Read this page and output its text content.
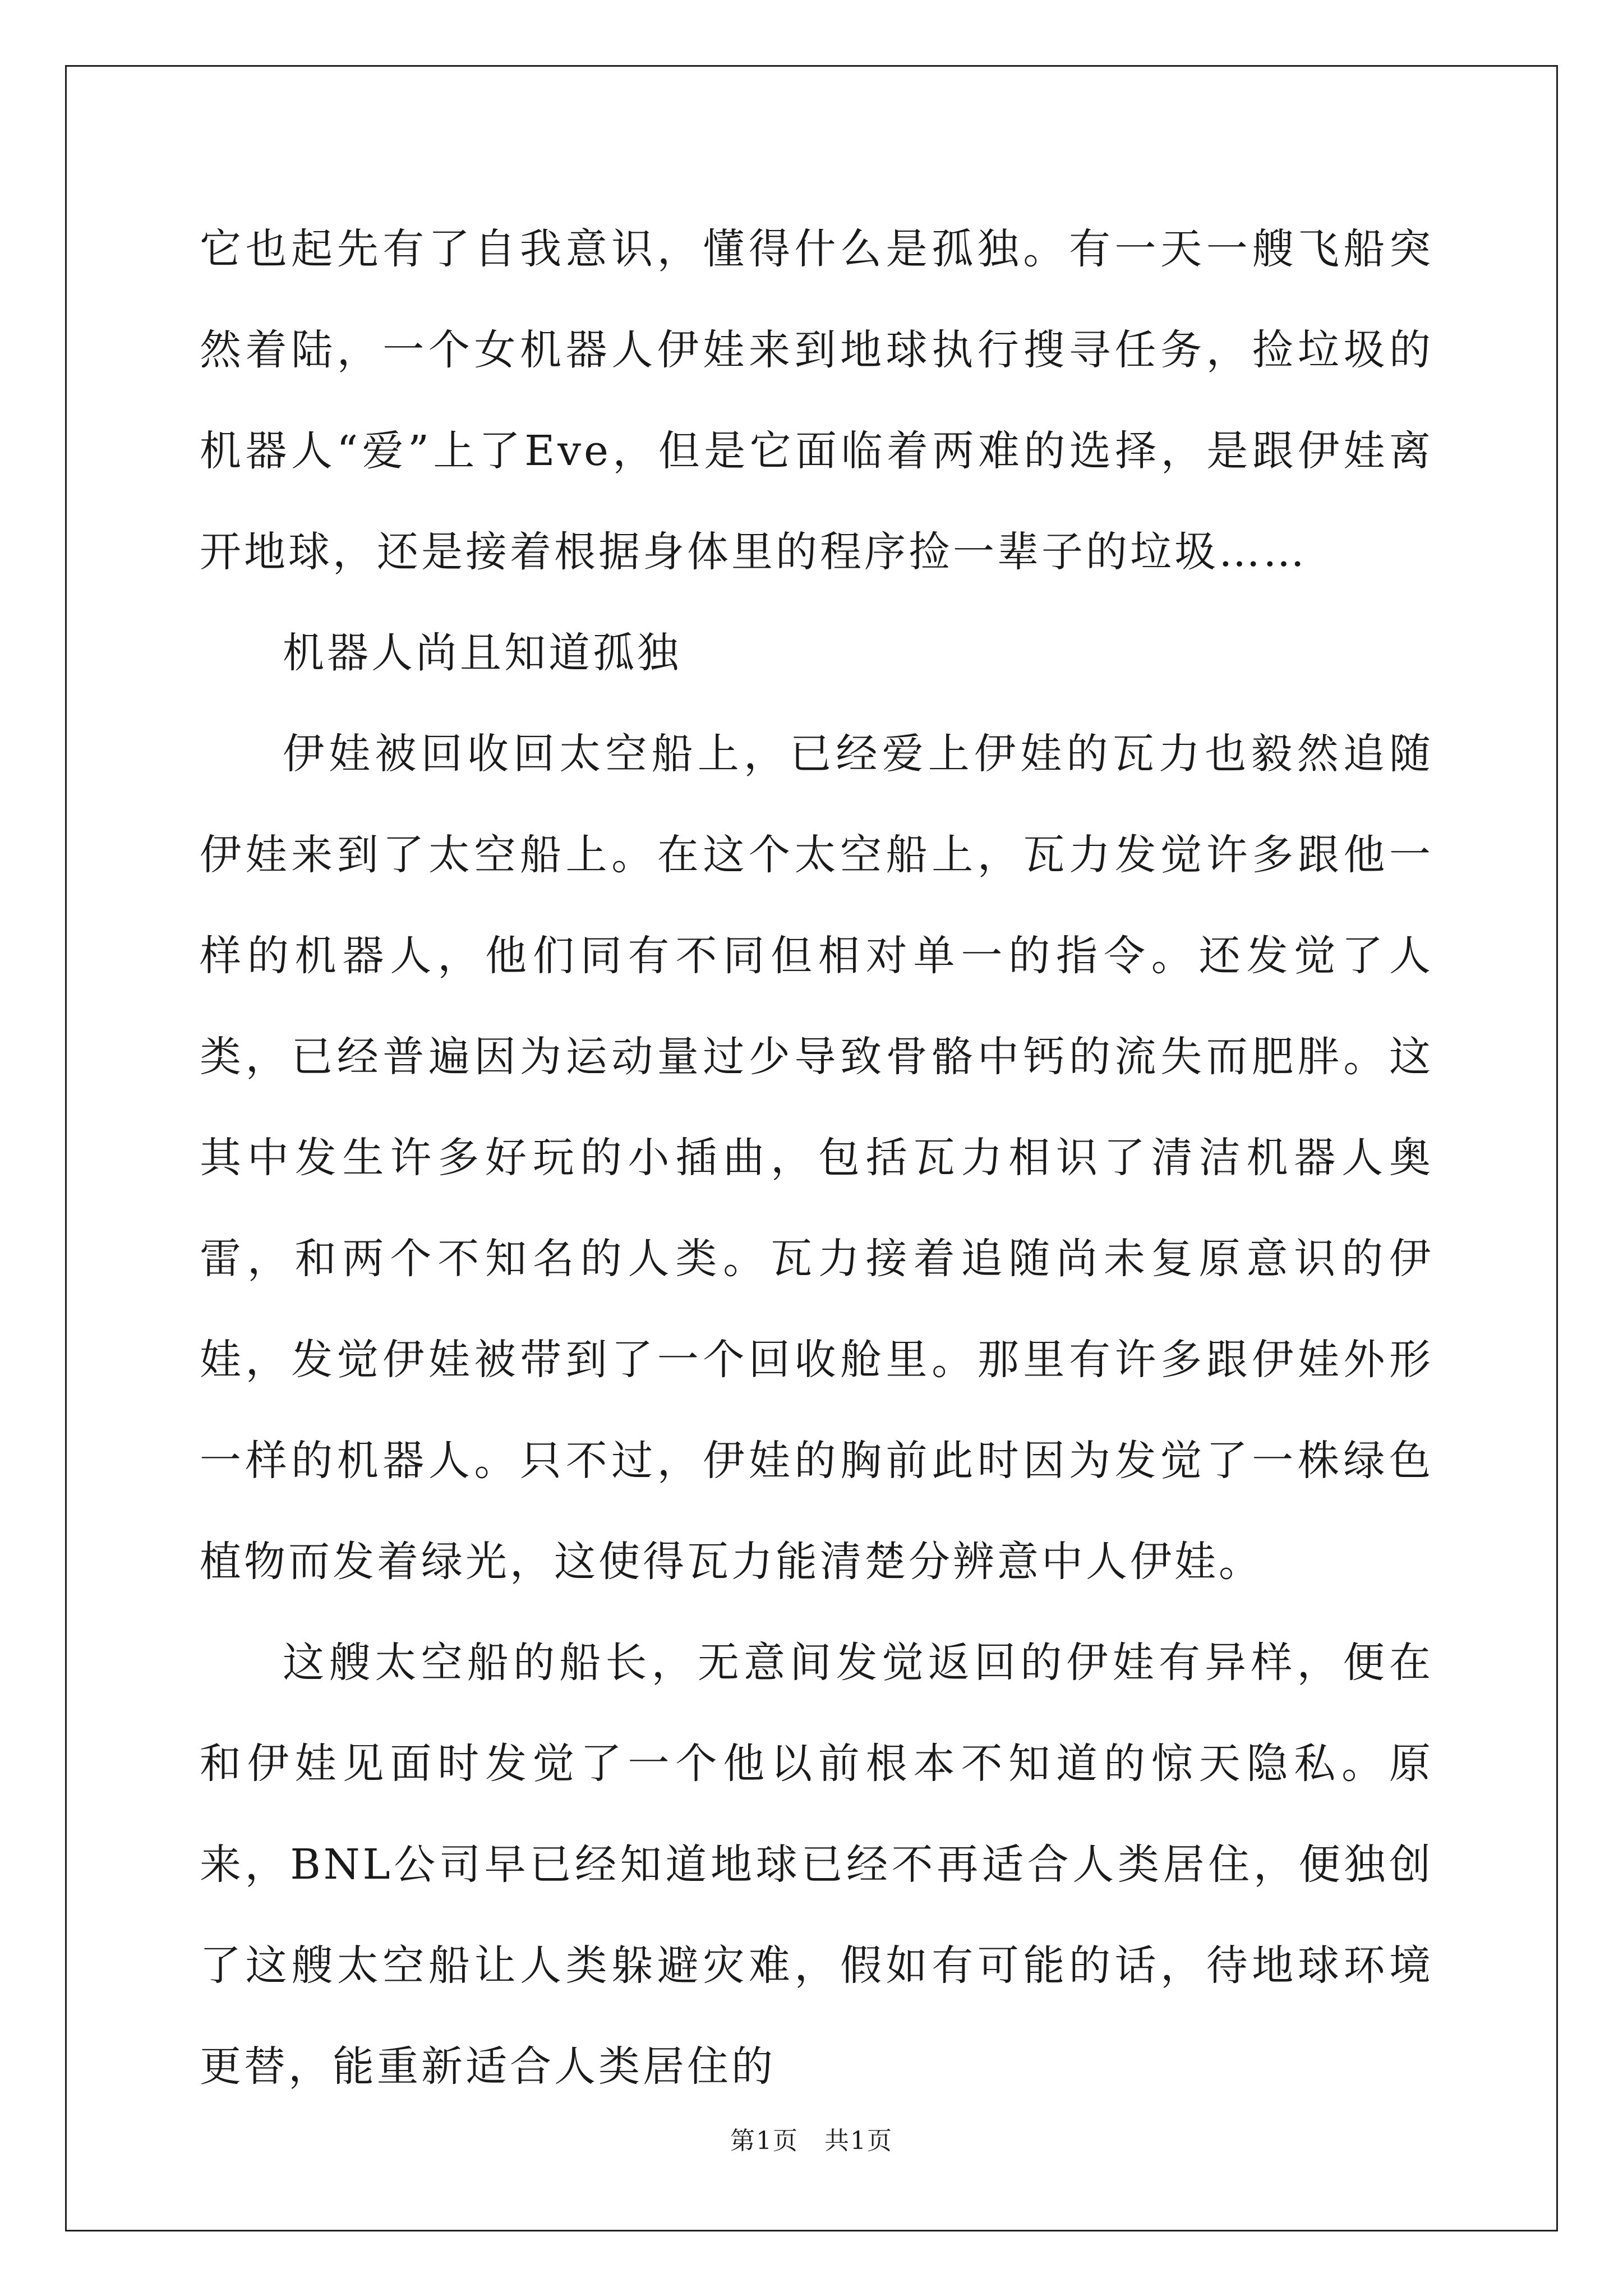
它也起先有了自我意识，懂得什么是孤独。有一天一艘飞船突然着陆，一个女机器人伊娃来到地球执行搜寻任务，捡垃圾的机器人“爱”上了Eve，但是它面临着两难的选择，是跟伊娃离开地球，还是接着根据身体里的程序捡一辈子的垃圾……

机器人尚且知道孤独

伊娃被回收回太空船上，已经爱上伊娃的瓦力也毅然追随伊娃来到了太空船上。在这个太空船上，瓦力发觉许多跟他一样的机器人，他们同有不同但相对单一的指令。还发觉了人类，已经普遍因为运动量过少导致骨骼中钙的流失而肥胖。这其中发生许多好玩的小插曲，包括瓦力相识了清洁机器人奥雷，和两个不知名的人类。瓦力接着追随尚未复原意识的伊娃，发觉伊娃被带到了一个回收舱里。那里有许多跟伊娃外形一样的机器人。只不过，伊娃的胸前此时因为发觉了一株绿色植物而发着绿光，这使得瓦力能清楚分辨意中人伊娃。

这艘太空船的船长，无意间发觉返回的伊娃有异样，便在和伊娃见面时发觉了一个他以前根本不知道的惊天隐私。原来，BNL公司早已经知道地球已经不再适合人类居住，便独创了这艘太空船让人类躲避灾难，假如有可能的话，待地球环境更替，能重新适合人类居住的

第1页　共1页
